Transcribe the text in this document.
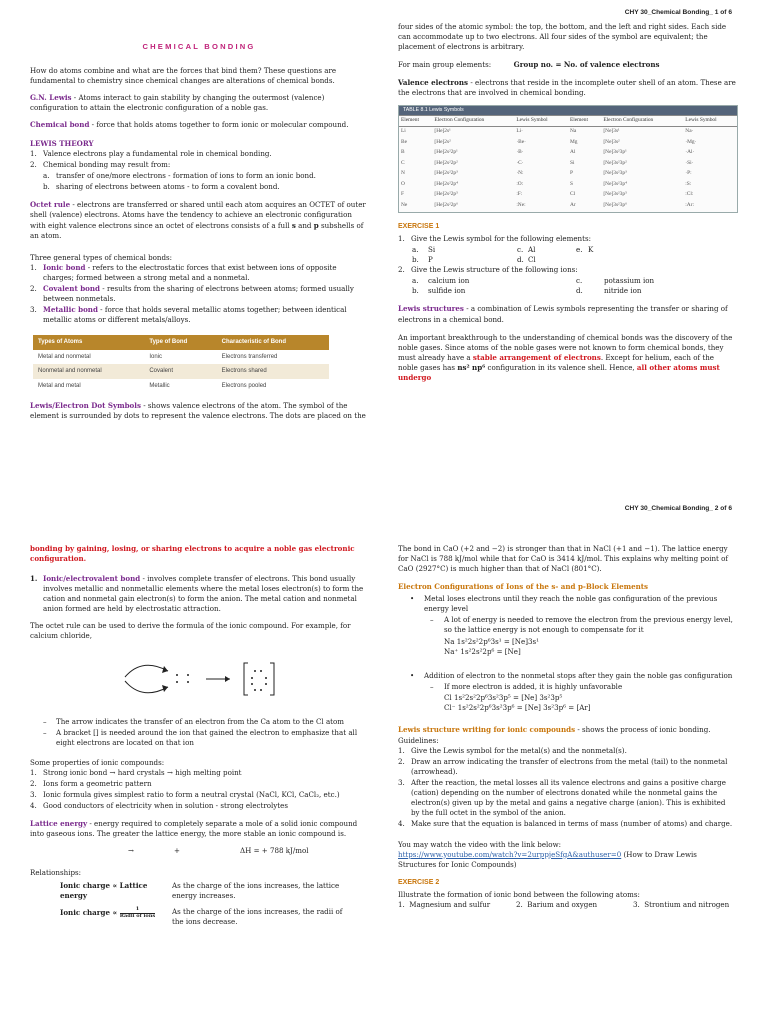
CHY 30_Chemical Bonding_ 1 of 6
CHEMICAL BONDING

How do atoms combine and what are the forces that bind them? These questions are fundamental to chemistry since chemical changes are alterations of chemical bonds.

G.N. Lewis - Atoms interact to gain stability by changing the outermost (valence) configuration to attain the electronic configuration of a noble gas.

Chemical bond - force that holds atoms together to form ionic or molecular compound.

LEWIS THEORY
1. Valence electrons play a fundamental role in chemical bonding.
2. Chemical bonding may result from:
a. transfer of one/more electrons - formation of ions to form an ionic bond.
b. sharing of electrons between atoms - to form a covalent bond.

Octet rule - electrons are transferred or shared until each atom acquires an OCTET of outer shell (valence) electrons. Atoms have the tendency to achieve an electronic configuration with eight valence electrons since an octet of electrons consists of a full s and p subshells of an atom.

Three general types of chemical bonds:
1. Ionic bond - refers to the electrostatic forces that exist between ions of opposite charges; formed between a strong metal and a nonmetal.
2. Covalent bond - results from the sharing of electrons between atoms; formed usually between nonmetals.
3. Metallic bond - force that holds several metallic atoms together; between identical metallic atoms or different metals/alloys.
Types of Atoms	Type of Bond	Characteristic of Bond
Metal and nonmetal	Ionic	Electrons transferred
Nonmetal and nonmetal	Covalent	Electrons shared
Metal and metal	Metallic	Electrons pooled

Lewis/Electron Dot Symbols - shows valence electrons of the atom. The symbol of the element is surrounded by dots to represent the valence electrons. The dots are placed on the

four sides of the atomic symbol: the top, the bottom, and the left and right sides. Each side can accommodate up to two electrons. All four sides of the symbol are equivalent; the placement of electrons is arbitrary.

For main group elements:	Group no. = No. of valence electrons

Valence electrons - electrons that reside in the incomplete outer shell of an atom. These are the electrons that are involved in chemical bonding.

TABLE 8.1 Lewis Symbols
Element	Electron Configuration	Lewis Symbol	Element	Electron Configuration	Lewis Symbol
Li	[He]2s¹	Li·	Na	[Ne]3s¹	Na·
Be	[He]2s²	·Be·	Mg	[Ne]3s²	·Mg·
B	[He]2s²2p¹	·B·	Al	[Ne]3s²3p¹	·Al·
C	[He]2s²2p²	·C·	Si	[Ne]3s²3p²	·Si·
N	[He]2s²2p³	·N:	P	[Ne]3s²3p³	·P:
O	[He]2s²2p⁴	:O:	S	[Ne]3s²3p⁴	:S:
F	[He]2s²2p⁵	:F:	Cl	[Ne]3s²3p⁵	:Cl:
Ne	[He]2s²2p⁶	:Ne:	Ar	[Ne]3s²3p⁶	:Ar:
EXERCISE 1
1. Give the Lewis symbol for the following elements:
a. Si	c. Al	e. K
b. P	d. Cl
2. Give the Lewis structure of the following ions:
a. calcium ion	c.	potassium ion
b. sulfide ion	d.	nitride ion

Lewis structures - a combination of Lewis symbols representing the transfer or sharing of electrons in a chemical bond.

An important breakthrough to the understanding of chemical bonds was the discovery of the noble gases. Since atoms of the noble gases were not known to form chemical bonds, they must already have a stable arrangement of electrons. Except for helium, each of the noble gases has ns² np⁶ configuration in its valence shell. Hence, all other atoms must undergo

CHY 30_Chemical Bonding_ 2 of 6

bonding by gaining, losing, or sharing electrons to acquire a noble gas electronic configuration.

1. Ionic/electrovalent bond - involves complete transfer of electrons. This bond usually involves metallic and nonmetallic elements where the metal loses electron(s) to form the cation and nonmetal gain electron(s) to form the anion. The metal cation and nonmetal anion formed are held by electrostatic attraction.

The octet rule can be used to derive the formula of the ionic compound. For example, for calcium chloride,

– The arrow indicates the transfer of an electron from the Ca atom to the Cl atom
– A bracket [] is needed around the ion that gained the electron to emphasize that all eight electrons are located on that ion
Some properties of ionic compounds:
1. Strong ionic bond → hard crystals → high melting point
2. Ions form a geometric pattern
3. Ionic formula gives simplest ratio to form a neutral crystal (NaCl, KCl, CaCl₂, etc.)
4. Good conductors of electricity when in solution - strong electrolytes

Lattice energy - energy required to completely separate a mole of a solid ionic compound into gaseous ions. The greater the lattice energy, the more stable an ionic compound is.

→	+	ΔH = + 788 kJ/mol
Relationships:
Ionic charge ∝ Lattice energy
As the charge of the ions increases, the lattice energy increases.
Ionic charge ∝	1
Radii of ions As the charge of the ions increases, the radii of the ions decrease.

The bond in CaO (+2 and −2) is stronger than that in NaCl (+1 and −1). The lattice energy for NaCl is 788 kJ/mol while that for CaO is 3414 kJ/mol. This explains why melting point of CaO (2927°C) is much higher than that of NaCl (801°C).

Electron Configurations of Ions of the s- and p-Block Elements
• Metal loses electrons until they reach the noble gas configuration of the previous energy level
– A lot of energy is needed to remove the electron from the previous energy level, so the lattice energy is not enough to compensate for it
Na 1s²2s²2p⁶3s¹ = [Ne]3s¹
Na⁺ 1s²2s²2p⁶ = [Ne]
• Addition of electron to the nonmetal stops after they gain the noble gas configuration
– If more electron is added, it is highly unfavorable
Cl 1s²2s²2p⁶3s²3p⁵ = [Ne] 3s²3p⁵
Cl⁻ 1s²2s²2p⁶3s²3p⁶ = [Ne] 3s²3p⁶ = [Ar]

Lewis structure writing for ionic compounds - shows the process of ionic bonding.

Guidelines:
1. Give the Lewis symbol for the metal(s) and the nonmetal(s).
2. Draw an arrow indicating the transfer of electrons from the metal (tail) to the nonmetal (arrowhead).
3. After the reaction, the metal losses all its valence electrons and gains a positive charge (cation) depending on the number of electrons donated while the nonmetal gains the electron(s) given up by the metal and gains a negative charge (anion). This is exhibited by the full octet in the symbol of the anion.
4. Make sure that the equation is balanced in terms of mass (number of atoms) and charge.
You may watch the video with the link below:

https://www.youtube.com/watch?v=2urppjeSfgA&authuser=0 (How to Draw Lewis Structures for Ionic Compounds)

EXERCISE 2
Illustrate the formation of ionic bond between the following atoms:
1.  Magnesium and sulfur	2.  Barium and oxygen	3.  Strontium and nitrogen
